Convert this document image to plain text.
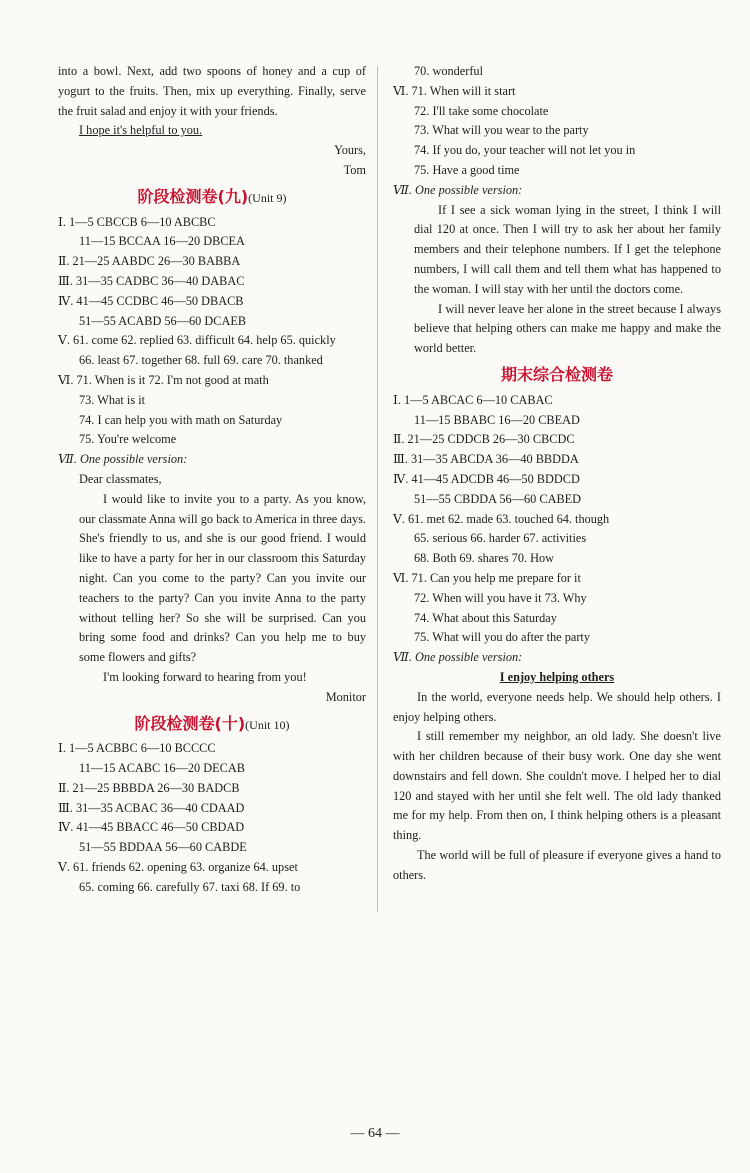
into a bowl. Next, add two spoons of honey and a cup of yogurt to the fruits. Then, mix up everything. Finally, serve the fruit salad and enjoy it with your friends.
I hope it's helpful to you.
Yours,
Tom
阶段检测卷(九)(Unit 9)
Ⅰ. 1—5 CBCCB 6—10 ABCBC
11—15 BCCAA 16—20 DBCEA
Ⅱ. 21—25 AABDC 26—30 BABBA
Ⅲ. 31—35 CADBC 36—40 DABAC
Ⅳ. 41—45 CCDBC 46—50 DBACB
51—55 ACABD 56—60 DCAEB
Ⅴ. 61. come 62. replied 63. difficult 64. help 65. quickly
66. least 67. together 68. full 69. care 70. thanked
Ⅵ. 71. When is it 72. I'm not good at math
73. What is it
74. I can help you with math on Saturday
75. You're welcome
Ⅶ. One possible version:
Dear classmates,
I would like to invite you to a party. As you know, our classmate Anna will go back to America in three days. She's friendly to us, and she is our good friend. I would like to have a party for her in our classroom this Saturday night. Can you come to the party? Can you invite our teachers to the party? Can you invite Anna to the party without telling her? So she will be surprised. Can you bring some food and drinks? Can you help me to buy some flowers and gifts?
I'm looking forward to hearing from you!
Monitor
阶段检测卷(十)(Unit 10)
Ⅰ. 1—5 ACBBC 6—10 BCCCC
11—15 ACABC 16—20 DECAB
Ⅱ. 21—25 BBBDA 26—30 BADCB
Ⅲ. 31—35 ACBAC 36—40 CDAAD
Ⅳ. 41—45 BBACC 46—50 CBDAD
51—55 BDDAA 56—60 CABDE
Ⅴ. 61. friends 62. opening 63. organize 64. upset
65. coming 66. carefully 67. taxi 68. If 69. to
70. wonderful
Ⅵ. 71. When will it start
72. I'll take some chocolate
73. What will you wear to the party
74. If you do, your teacher will not let you in
75. Have a good time
Ⅶ. One possible version:
If I see a sick woman lying in the street, I think I will dial 120 at once. Then I will try to ask her about her family members and their telephone numbers. If I get the telephone numbers, I will call them and tell them what has happened to the woman. I will stay with her until the doctors come.
I will never leave her alone in the street because I always believe that helping others can make me happy and make the world better.
期末综合检测卷
Ⅰ. 1—5 ABCAC 6—10 CABAC
11—15 BBABC 16—20 CBEAD
Ⅱ. 21—25 CDDCB 26—30 CBCDC
Ⅲ. 31—35 ABCDA 36—40 BBDDA
Ⅳ. 41—45 ADCDB 46—50 BDDCD
51—55 CBDDA 56—60 CABED
Ⅴ. 61. met 62. made 63. touched 64. though
65. serious 66. harder 67. activities
68. Both 69. shares 70. How
Ⅵ. 71. Can you help me prepare for it
72. When will you have it 73. Why
74. What about this Saturday
75. What will you do after the party
Ⅶ. One possible version:
I enjoy helping others
In the world, everyone needs help. We should help others. I enjoy helping others.
I still remember my neighbor, an old lady. She doesn't live with her children because of their busy work. One day she went downstairs and fell down. She couldn't move. I helped her to dial 120 and stayed with her until she felt well. The old lady thanked me for my help. From then on, I think helping others is a pleasant thing.
The world will be full of pleasure if everyone gives a hand to others.
— 64 —
